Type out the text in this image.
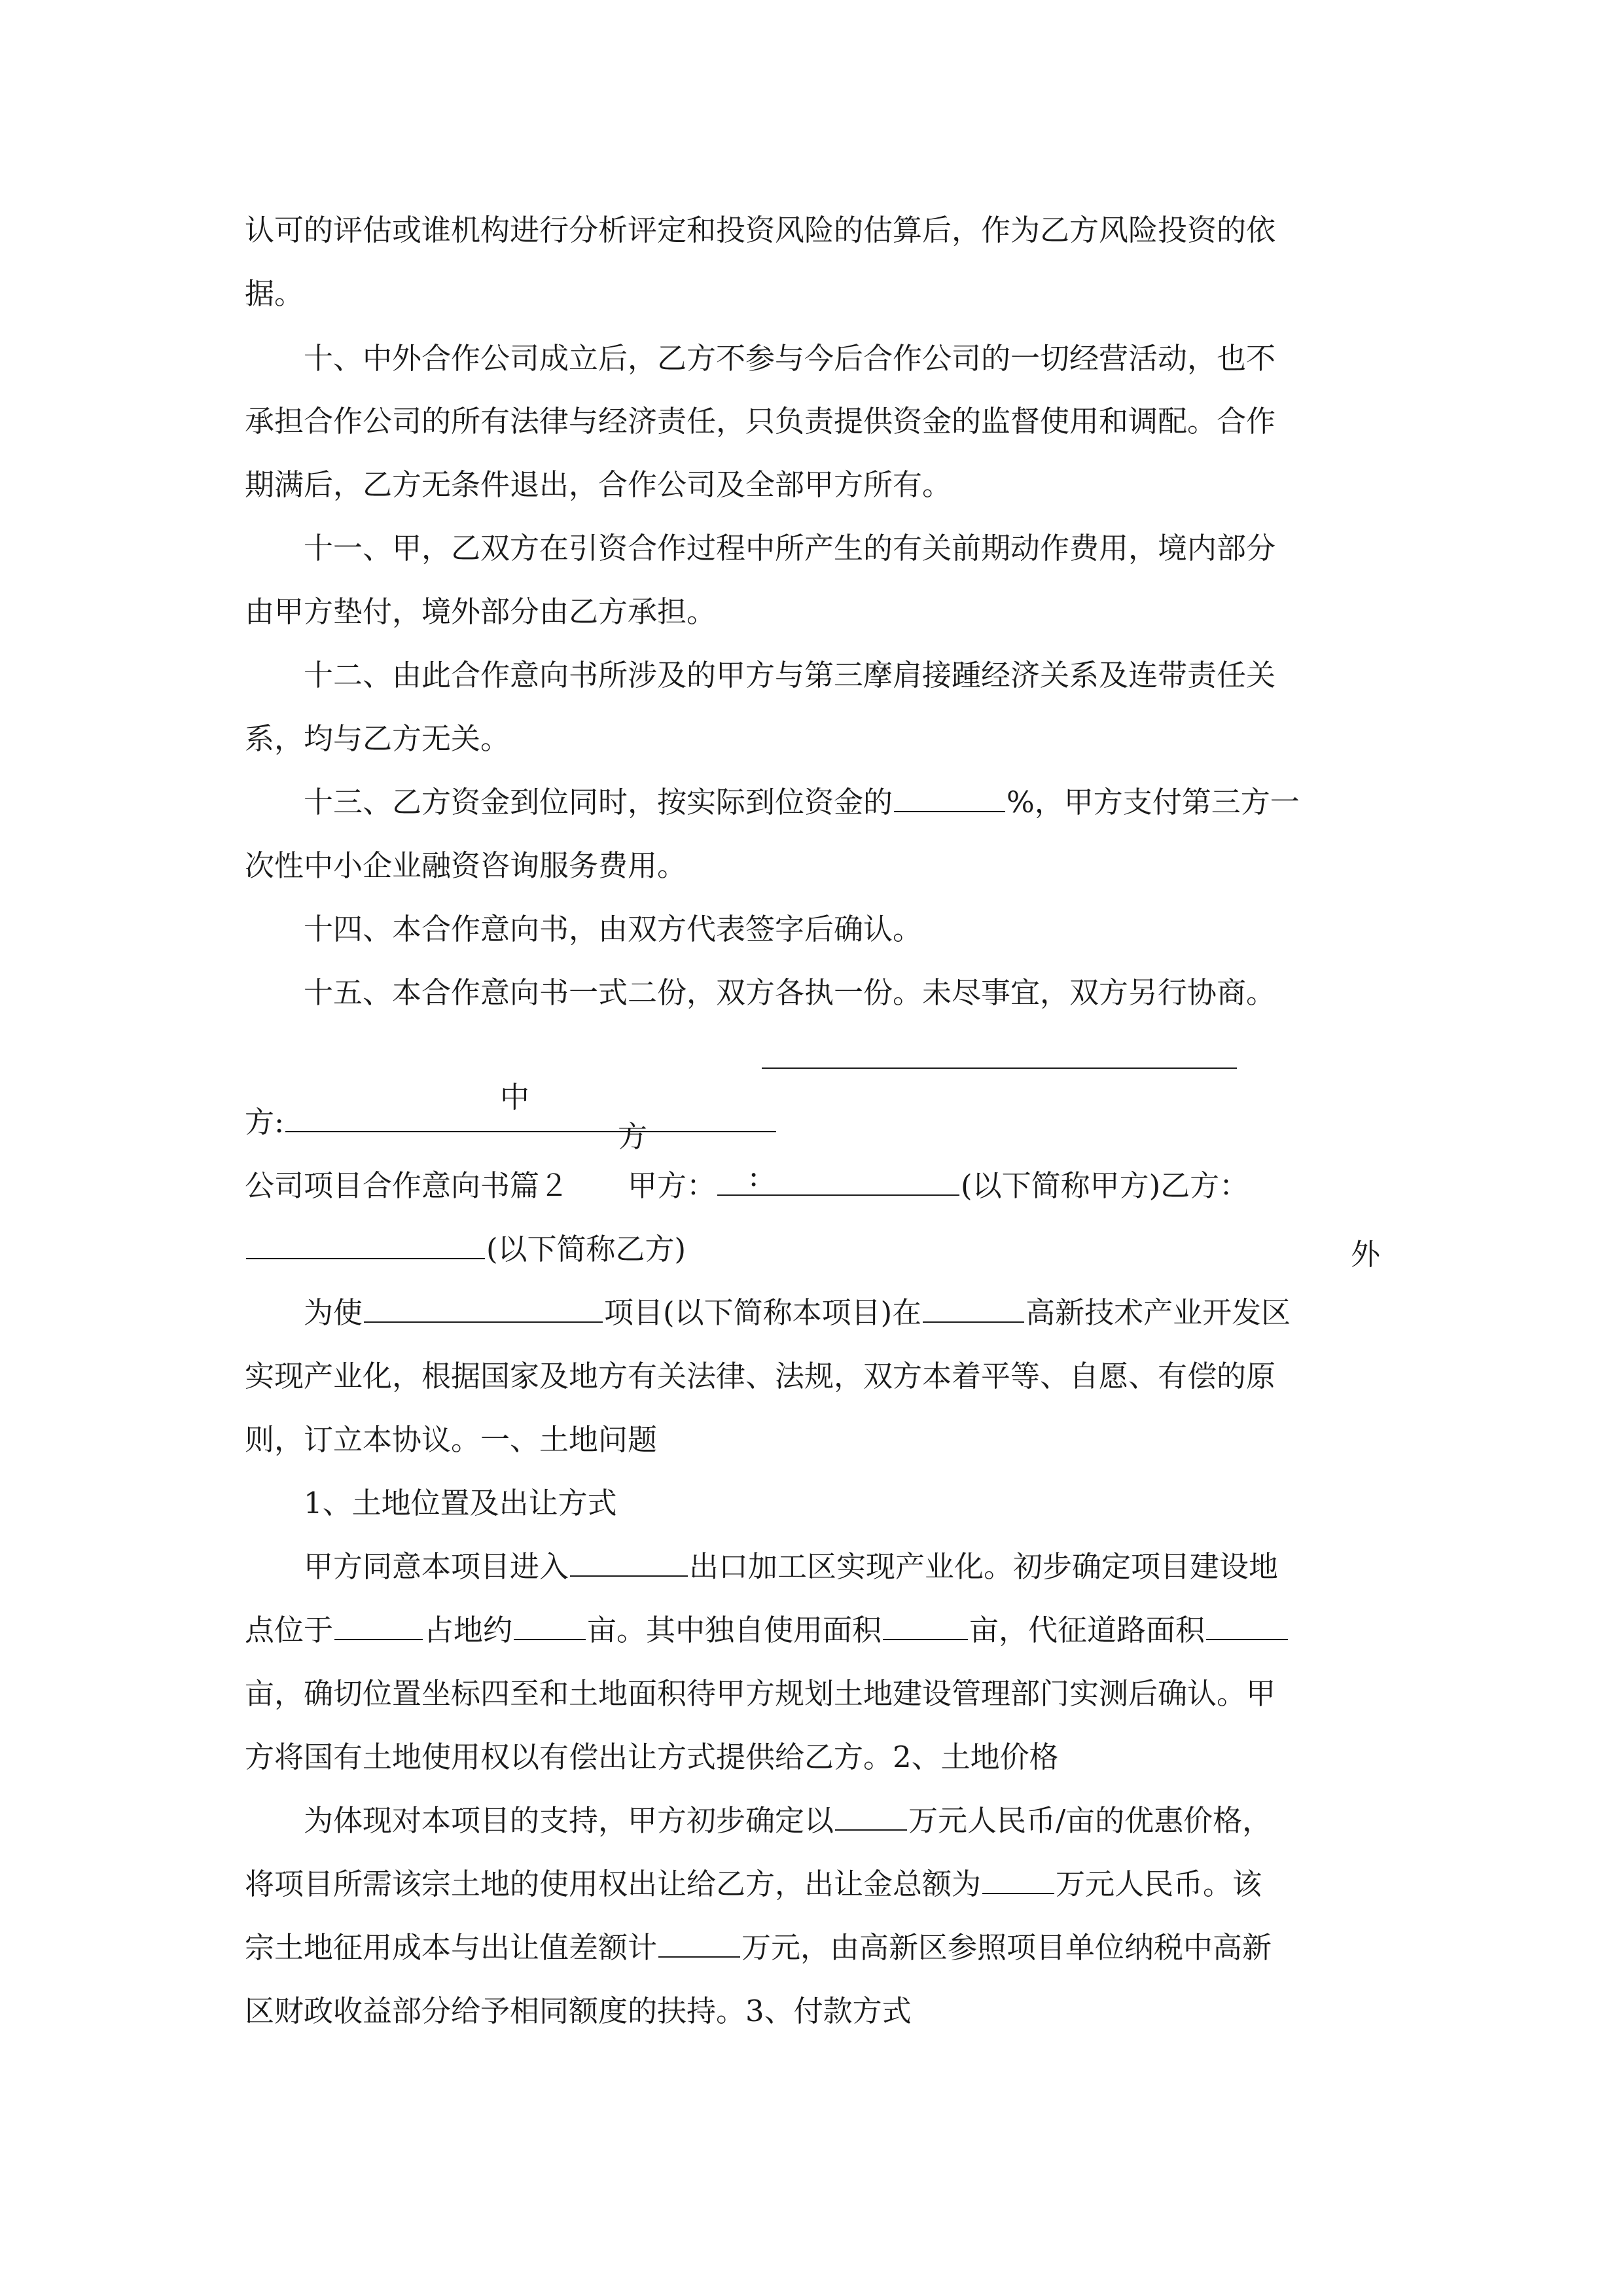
认可的评估或谁机构进行分析评定和投资风险的估算后，作为乙方风险投资的依

据。

十、中外合作公司成立后，乙方不参与今后合作公司的一切经营活动，也不

承担合作公司的所有法律与经济责任，只负责提供资金的监督使用和调配。合作

期满后，乙方无条件退出，合作公司及全部甲方所有。

十一、甲，乙双方在引资合作过程中所产生的有关前期动作费用，境内部分

由甲方垫付，境外部分由乙方承担。

十二、由此合作意向书所涉及的甲方与第三摩肩接踵经济关系及连带责任关

系，均与乙方无关。

十三、乙方资金到位同时，按实际到位资金的	%，甲方支付第三方一

次性中小企业融资咨询服务费用。

十四、本合作意向书，由双方代表签字后确认。

十五、本合作意向书一式二份，双方各执一份。未尽事宜，双方另行协商。

中

方

:

外

方:

公司项目合作意向书篇２　　甲方：	(以下简称甲方)乙方：

(以下简称乙方)

为使	项目(以下简称本项目)在	高新技术产业开发区

实现产业化，根据国家及地方有关法律、法规，双方本着平等、自愿、有偿的原

则，订立本协议。一、土地问题

1、土地位置及出让方式

甲方同意本项目进入	出口加工区实现产业化。初步确定项目建设地

点位于	占地约	亩。其中独自使用面积	亩，代征道路面积

亩，确切位置坐标四至和土地面积待甲方规划土地建设管理部门实测后确认。甲

方将国有土地使用权以有偿出让方式提供给乙方。2、土地价格

为体现对本项目的支持，甲方初步确定以	万元人民币/亩的优惠价格，

将项目所需该宗土地的使用权出让给乙方，出让金总额为	万元人民币。该

宗土地征用成本与出让值差额计	万元，由高新区参照项目单位纳税中高新

区财政收益部分给予相同额度的扶持。3、付款方式
